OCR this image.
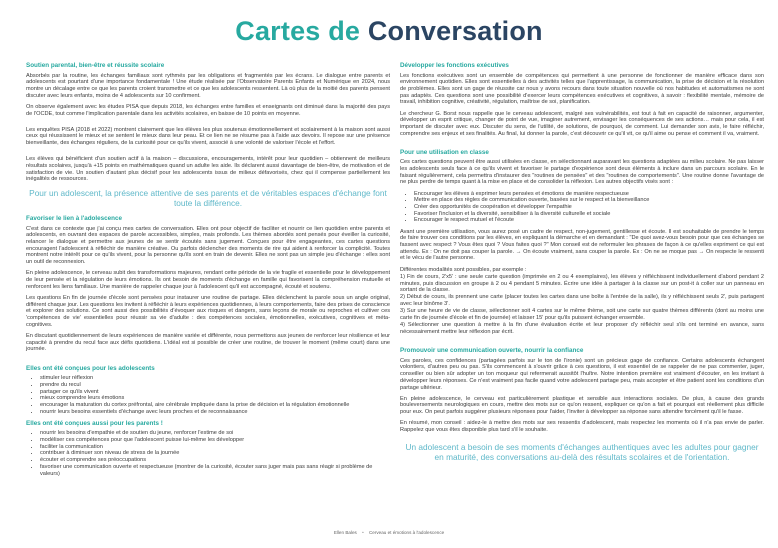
Cartes de Conversation
Soutien parental, bien-être et réussite scolaire

Absorbés par la routine, les échanges familiaux sont rythmés par les obligations et fragmentés par les écrans. Le dialogue entre parents et adolescents est pourtant d'une importance fondamentale ! Une étude réalisée par l'Observatoire Parents Enfants et Numérique en 2024, nous montre un décalage entre ce que les parents croient transmettre et ce que les adolescents ressentent. Là où plus de la moitié des parents pensent discuter avec leurs enfants, moins de 4 adolescents sur 10 confirment.

On observe également avec les études PISA que depuis 2018, les échanges entre familles et enseignants ont diminué dans la majorité des pays de l'OCDE, tout comme l'implication parentale dans les activités scolaires, en baisse de 10 points en moyenne.

Les enquêtes PISA (2018 et 2022) montrent clairement que les élèves les plus soutenus émotionnellement et scolairement à la maison sont aussi ceux qui réussissent le mieux et se sentent le mieux dans leur peau. Et ce lien ne se résume pas à l'aide aux devoirs. Il repose sur une présence bienveillante, des échanges réguliers, de la curiosité pour ce qu'ils vivent, associé à une volonté de valoriser l'école et l'effort.

Les élèves qui bénéficient d'un soutien actif à la maison – discussions, encouragements, intérêt pour leur quotidien – obtiennent de meilleurs résultats scolaires, jusqu'à +15 points en mathématiques quand un adulte les aide. Ils déclarent aussi davantage de bien-être, de motivation et de satisfaction de vie. Un soutien d'autant plus décisif pour les adolescents issus de milieux défavorisés, chez qui il compense partiellement les inégalités de ressources.

Pour un adolescent, la présence attentive de ses parents et de véritables espaces d'échange font toute la différence.
Favoriser le lien à l'adolescence

C'est dans ce contexte que j'ai conçu mes cartes de conversation. Elles ont pour objectif de faciliter et nourrir ce lien quotidien entre parents et adolescents, en ouvrant des espaces de parole accessibles, simples, mais profonds. Les thèmes abordés sont pensés pour éveiller la curiosité, relancer le dialogue et permettre aux jeunes de se sentir écoutés sans jugement. Conçues pour être engageantes, ces cartes questions encouragent l'adolescent à réfléchir de manière créative. Ou parfois déclencher des moments de rire qui aident à renforcer la complicité. Toutes montrent notre intérêt pour ce qu'ils vivent, pour la personne qu'ils sont en train de devenir. Elles ne sont pas un simple jeu d'échange : elles sont un outil de reconnexion.

En pleine adolescence, le cerveau subit des transformations majeures, rendant cette période de la vie fragile et essentielle pour le développement de leur pensée et la régulation de leurs émotions. Ils ont besoin de moments d'échange en famille qui favorisent la compréhension mutuelle et renforcent les liens familiaux. Une manière de rappeler chaque jour à l'adolescent qu'il est accompagné, écouté et soutenu.

Les questions En fin de journée d'école sont pensées pour instaurer une routine de partage. Elles déclenchent la parole sous un angle original, différent chaque jour. Les questions les invitent à réfléchir à leurs expériences quotidiennes, à leurs comportements, faire des prises de conscience et explorer des solutions. Ce sont aussi des possibilités d'évoquer aux risques et dangers, sans leçons de morale ou reproches et cultiver ces 'compétences de vie' essentielles pour réussir sa vie d'adulte : des compétences sociales, émotionnelles, exécutives, cognitives et méta-cognitives.

En discutant quotidiennement de leurs expériences de manière variée et différente, nous permettons aux jeunes de renforcer leur résilience et leur capacité à prendre du recul face aux défis quotidiens. L'idéal est si possible de créer une routine, de trouver le moment (même court) dans une journée.

Elles ont été conçues pour les adolescents
• stimuler leur réflexion
• prendre du recul
• partager ce qu'ils vivent
• mieux comprendre leurs émotions
• encourager la maturation du cortex préfrontal, aire cérébrale impliquée dans la prise de décision et la régulation émotionnelle
• nourrir leurs besoins essentiels d'échange avec leurs proches et de reconnaissance
Elles ont été conçues aussi pour les parents !
• nourrir les besoins d'empathie et de soutien du jeune, renforcer l'estime de soi
• modéliser ces compétences pour que l'adolescent puisse lui-même les développer
• faciliter la communication
• contribuer à diminuer son niveau de stress de la journée
• écouter et comprendre ses préoccupations
• favoriser une communication ouverte et respectueuse (montrer de la curiosité, écouter sans juger mais pas sans réagir si problème de valeurs)
Développer les fonctions exécutives

Les fonctions exécutives sont un ensemble de compétences qui permettent à une personne de fonctionner de manière efficace dans son environnement quotidien. Elles sont essentielles à des activités telles que l'apprentissage, la communication, la prise de décision et la résolution de problèmes. Elles sont un gage de réussite car nous y avons recours dans toute situation nouvelle où nos habitudes et automatismes ne sont pas adaptés. Ces questions sont une possibilité d'exercer leurs compétences exécutives et cognitives, à savoir : flexibilité mentale, mémoire de travail, inhibition cognitive, créativité, régulation, maîtrise de soi, planification.

Le chercheur G. Borst nous rappelle que le cerveau adolescent, malgré ses vulnérabilités, est tout à fait en capacité de raisonner, argumenter, développer un esprit critique, changer de point de vue, imaginer autrement, envisager les conséquences de ses actions… mais pour cela, il est important de discuter avec eux. Discuter du sens, de l'utilité, de solutions, de pourquoi, de comment. Lui demander son avis, le faire réfléchir, comprendre ses enjeux et ses finalités. Au final, lui donner la parole, c'est découvrir ce qu'il vit, ce qu'il aime ou pense et comment il va, vraiment.

Pour une utilisation en classe

Ces cartes questions peuvent être aussi utilisées en classe, en sélectionnant auparavant les questions adaptées au milieu scolaire. Ne pas laisser les adolescents seuls face à ce qu'ils vivent et favoriser le partage d'expérience sont deux éléments à inclure dans un parcours scolaire. En le faisant régulièrement, cela permettra d'instaurer des "routines de pensées" et des "routines de comportements". Une routine donne l'avantage de ne plus perdre de temps quant à la mise en place et de consolider la réflexion. Les autres objectifs visés sont :

• Encourager les élèves à exprimer leurs pensées et émotions de manière respectueuse
• Mettre en place des règles de communication ouverte, basées sur le respect et la bienveillance
• Créer des opportunités de coopération et développer l'empathie
• Favoriser l'inclusion et la diversité, sensibiliser à la diversité culturelle et sociale
• Encourager le respect mutuel et l'écoute

Avant une première utilisation, vous aurez posé un cadre de respect, non-jugement, gentillesse et écoute. Il est souhaitable de prendre le temps de faire trouver ces conditions par les élèves, en expliquant la démarche et en demandant : "De quoi avez-vous besoin pour que ces échanges se fassent avec respect ? Vous êtes quoi ? Vous faites quoi ?" Mon conseil est de reformuler les phrases de façon à ce qu'elles expriment ce qui est attendu. Ex : On ne doit pas couper la parole. → On écoute vraiment, sans couper la parole. Ex : On ne se moque pas → On respecte le ressenti et le vécu de l'autre personne.

Différentes modalités sont possibles, par exemple :

1) Fin de cours, 2'x5' : une seule carte question (imprimée en 2 ou 4 exemplaires), les élèves y réfléchissent individuellement d'abord pendant 2 minutes, puis discussion en groupe à 2 ou 4 pendant 5 minutes. Écrire une idée à partager à la classe sur un post-it à coller sur un panneau en sortant de la classe.

2) Début de cours, ils prennent une carte (placer toutes les cartes dans une boîte à l'entrée de la salle), ils y réfléchissent seuls 2', puis partagent avec leur binôme 3'.

3) Sur une heure de vie de classe, sélectionner soit 4 cartes sur le même thème, soit une carte sur quatre thèmes différents (dont au moins une carte fin de journée d'école et fin de journée) et laisser 15' pour qu'ils puissent échanger ensemble.

4) Sélectionner une question à mettre à la fin d'une évaluation écrite et leur proposer d'y réfléchir seul s'ils ont terminé en avance, sans nécessairement mettre leur réflexion par écrit.

Promouvoir une communication ouverte, nourrir la confiance

Ces paroles, ces confidences (partagées parfois sur le ton de l'ironie) sont un précieux gage de confiance. Certains adolescents échangent volontiers, d'autres peu ou pas. S'ils commencent à s'ouvrir grâce à ces questions, il est essentiel de se rappeler de ne pas commenter, juger, conseiller ou bien sûr adopter un ton moqueur qui refermerait aussitôt l'huître. Notre intention première est vraiment d'écouter, en les invitant à développer leurs réponses. Ce n'est vraiment pas facile quand votre adolescent partage peu, mais accepter et être patient sont les conditions d'un partage ultérieur.

En pleine adolescence, le cerveau est particulièrement plastique et sensible aux interactions sociales. De plus, à cause des grands bouleversements neurologiques en cours, mettre des mots sur ce qu'on ressent, expliquer ce qu'on a fait et pourquoi est réellement plus difficile pour eux. On peut parfois suggérer plusieurs réponses pour l'aider, l'inviter à développer sa réponse sans attendre forcément qu'il le fasse.

En résumé, mon conseil : aidez-le à mettre des mots sur ses ressentis d'adolescent, mais respectez les moments où il n'a pas envie de parler. Rappelez que vous êtes disponible plus tard s'il le souhaite.

Un adolescent a besoin de ses moments d'échanges authentiques avec les adultes pour gagner en maturité, des conversations au-delà des résultats scolaires et de l'orientation.
Ellen Bales • Cerveau et émotions à l'adolescence
